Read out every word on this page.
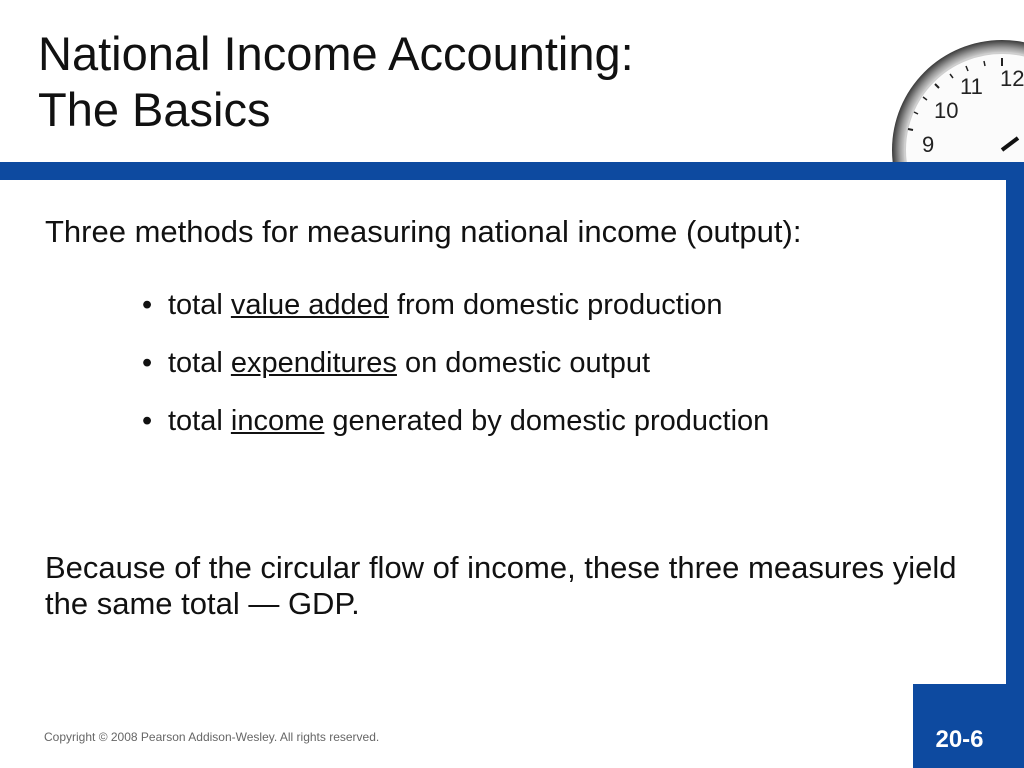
National Income Accounting:
The Basics
12
11
10
9

Three methods for measuring national income (output):

• total value added from domestic production
• total expenditures on domestic output
• total income generated by domestic production

Because of the circular flow of income, these three measures yield the same total — GDP.

Copyright © 2008 Pearson Addison-Wesley. All rights reserved.	20-6
